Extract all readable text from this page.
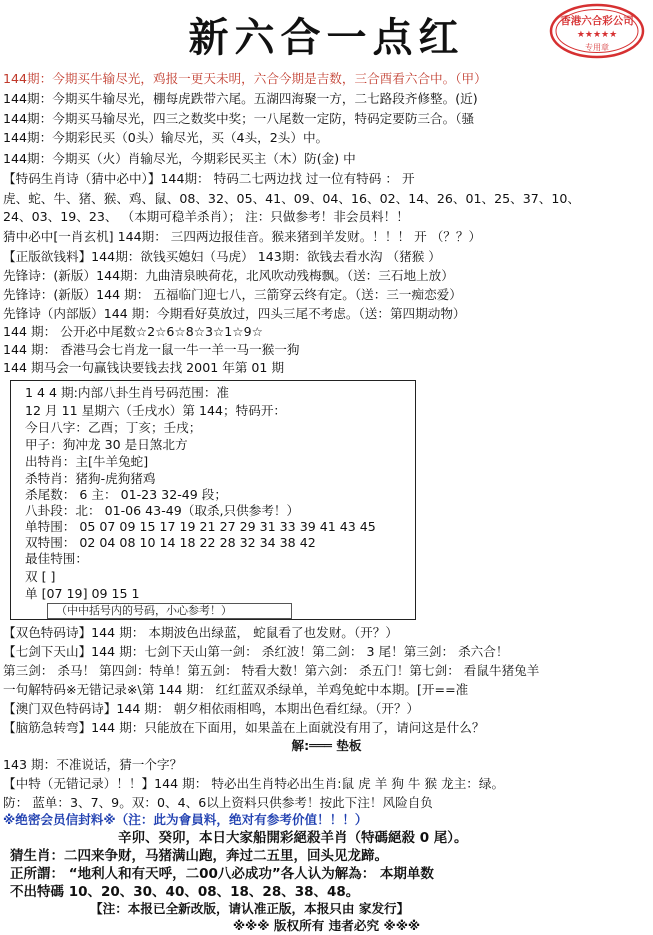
新六合一点红	香港六合彩公司
★★★★★
专用章
144期：今期买牛输尽光，鸡报一更天未明，六合今期是吉数，三合酉看六合中。（甲）
144期：今期买牛输尽光，棚每虎跌带六尾。五湖四海聚一方，二七路段齐修整。(近)
144期：今期买马输尽光，四三之数奖中奖；一八尾数一定防，特码定要防三合。（骚
144期：今期彩民买（0头）输尽光，买（4头，2头）中。
144期：今期买（火）肖输尽光，今期彩民买主（木）防(金) 中
【特码生肖诗（猜中必中）】144期： 特码二七两边找 过一位有特码 ： 开
虎、蛇、牛、猪、猴、鸡、鼠、08、32、05、41、09、04、16、02、14、26、01、25、37、10、
24、03、19、23、 （本期可稳羊杀肖）； 注：只做参考！非会员料！！
猜中必中[一肖玄机] 144期： 三四两边报佳音。猴来猪到羊发财。！！！ 开 （？？）
【正版欲钱料】144期：欲钱买媳妇（马虎） 143期：欲钱去看水沟 （猪猴 ）
先锋诗：(新版）144期：九曲清泉映荷花，北风吹动残梅飘。（送：三石地上放）
先锋诗：(新版）144 期： 五福临门迎七八，三箭穿云终有定。（送：三一痴恋爱）
先锋诗（内部版）144 期：今期看好莫放过，四头三尾不考虑。（送：第四期动物）
144 期： 公开必中尾数☆2☆6☆8☆3☆1☆9☆
144 期： 香港马会七肖龙一鼠一牛一羊一马一猴一狗
144 期马会一句赢钱诀要钱去找 2001 年第 01 期
1 4 4 期:内部八卦生肖号码范围：准
12 月 11 星期六（壬戌水）第 144；特码开：
今日八字：乙酉；丁亥；壬戌；
甲子：狗冲龙 30 是日煞北方
出特肖：主[牛羊兔蛇]
杀特肖：猪狗-虎狗猪鸡
杀尾数： 6 主： 01-23 32-49 段；
八卦段：北： 01-06 43-49（取杀,只供参考！）
单特围： 05 07 09 15 17 19 21 27 29 31 33 39 41 43 45
双特围： 02 04 08 10 14 18 22 28 32 34 38 42
最佳特围：
双 [ ]
单 [07 19] 09 15 1
（中中括号内的号码，小心参考！）
【双色特码诗】144 期： 本期波色出绿蓝， 蛇鼠看了也发财。（开？）
【七剑下天山】144 期：七剑下天山第一剑： 杀红波！第二剑： 3 尾！第三剑： 杀六合！
第三剑： 杀马！ 第四剑：特单！第五剑： 特看大数！第六剑： 杀五门！第七剑： 看鼠牛猪兔羊
一句解特码※无错记录※\第 144 期： 红红蓝双杀绿单，羊鸡兔蛇中本期。[开==准
【澳门双色特码诗】144 期： 朝夕相依雨相鸣，本期出色看红绿。（开？）
【脑筋急转弯】144 期：只能放在下面用，如果盖在上面就没有用了，请问这是什么？
解:═══ 垫板
143 期：不准说话，猜一个字？
【中特（无错记录）！！】144 期： 特必出生肖特必出生肖:鼠 虎 羊 狗 牛 猴 龙主：绿。
防： 蓝单：3、7、9。双：0、4、6以上资料只供参考！按此下注！风险自负
※绝密会员信封料※（注：此为會員料，绝对有参考价值！！！）
辛卯、癸卯，本日大家船開彩絕殺羊肖（特碼絕殺 0 尾）。
猜生肖：二四来争财，马猪满山跑，奔过二五里，回头见龙蹄。
正所謂： “地利人和有天呼，二00八必成功”各人认为解為： 本期单数
不出特碼 10、20、30、40、08、18、28、38、48。
【注：本报已全新改版，请认准正版，本报只由 家发行】
※※※ 版权所有 违者必究 ※※※
